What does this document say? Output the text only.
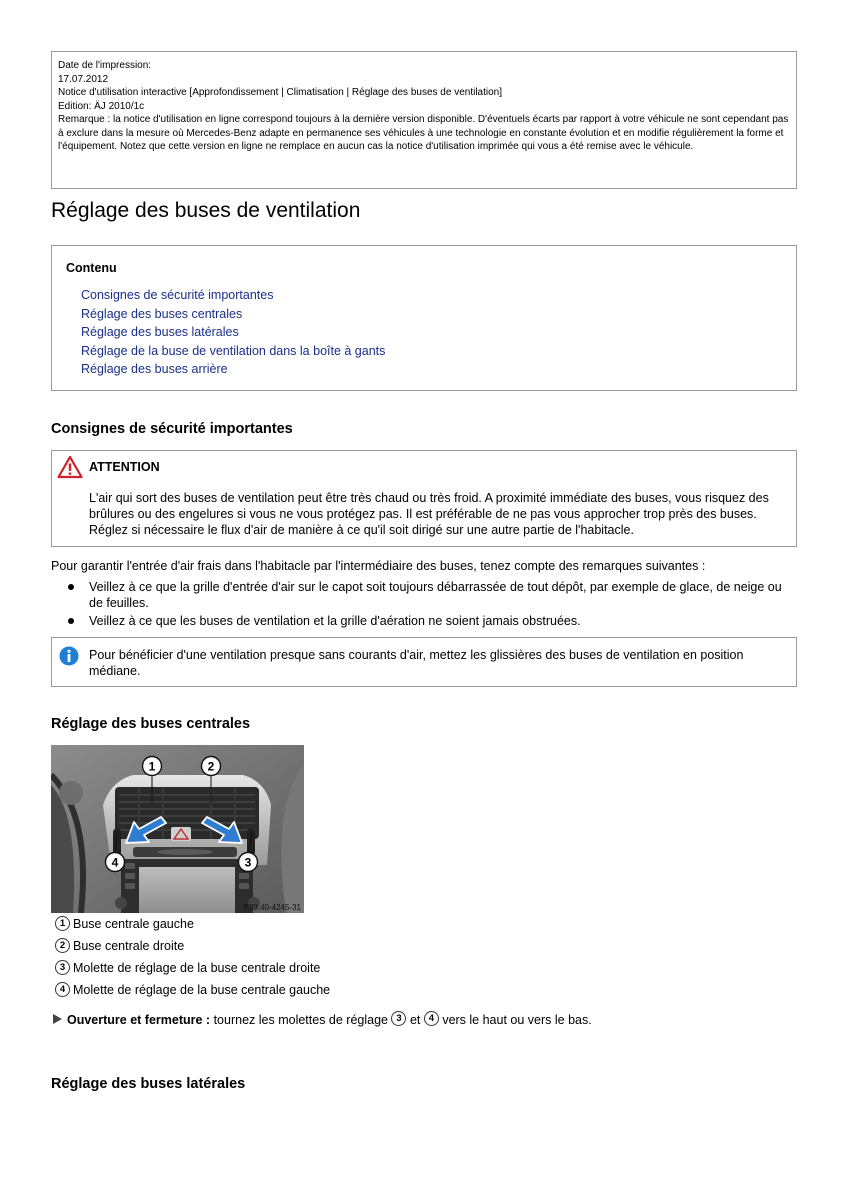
Date de l'impression:
17.07.2012
Notice d'utilisation interactive [Approfondissement | Climatisation | Réglage des buses de ventilation]
Edition: ÄJ 2010/1c
Remarque : la notice d'utilisation en ligne correspond toujours à la dernière version disponible. D'éventuels écarts par rapport à votre véhicule ne sont cependant pas à exclure dans la mesure où Mercedes-Benz adapte en permanence ses véhicules à une technologie en constante évolution et en modifie régulièrement la forme et l'équipement. Notez que cette version en ligne ne remplace en aucun cas la notice d'utilisation imprimée qui vous a été remise avec le véhicule.
Réglage des buses de ventilation
Contenu
Consignes de sécurité importantes
Réglage des buses centrales
Réglage des buses latérales
Réglage de la buse de ventilation dans la boîte à gants
Réglage des buses arrière
Consignes de sécurité importantes
ATTENTION
L'air qui sort des buses de ventilation peut être très chaud ou très froid. A proximité immédiate des buses, vous risquez des brûlures ou des engelures si vous ne vous protégez pas. Il est préférable de ne pas vous approcher trop près des buses. Réglez si nécessaire le flux d'air de manière à ce qu'il soit dirigé sur une autre partie de l'habitacle.
Pour garantir l'entrée d'air frais dans l'habitacle par l'intermédiaire des buses, tenez compte des remarques suivantes :
Veillez à ce que la grille d'entrée d'air sur le capot soit toujours débarrassée de tout dépôt, par exemple de glace, de neige ou de feuilles.
Veillez à ce que les buses de ventilation et la grille d'aération ne soient jamais obstruées.
Pour bénéficier d'une ventilation presque sans courants d'air, mettez les glissières des buses de ventilation en position médiane.
Réglage des buses centrales
1	2
4	3
P83.40-4245-31
1 Buse centrale gauche
2 Buse centrale droite
3 Molette de réglage de la buse centrale droite
4 Molette de réglage de la buse centrale gauche
Ouverture et fermeture : tournez les molettes de réglage 3 et 4 vers le haut ou vers le bas.
Réglage des buses latérales
